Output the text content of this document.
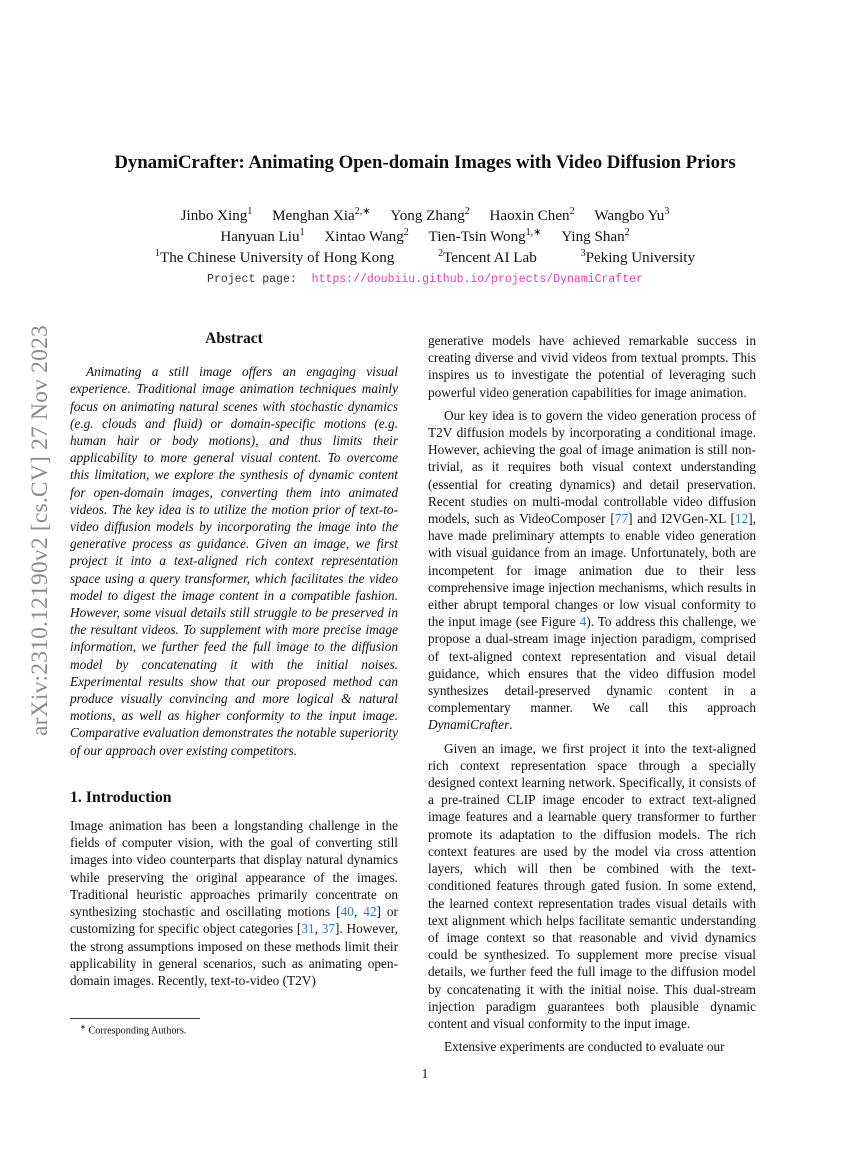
arXiv:2310.12190v2 [cs.CV] 27 Nov 2023
DynamiCrafter: Animating Open-domain Images with Video Diffusion Priors
Jinbo Xing$^1$ Menghan Xia$^{2,∗}$ Yong Zhang$^2$ Haoxin Chen$^2$ Wangbo Yu$^3$
Hanyuan Liu$^1$ Xintao Wang$^2$ Tien-Tsin Wong$^{1,∗}$ Ying Shan$^2$
$^1$The Chinese University of Hong Kong	$^2$Tencent AI Lab	$^3$Peking University
Project page: https://doubiiu.github.io/projects/DynamiCrafter
Abstract

Animating a still image offers an engaging visual experience. Traditional image animation techniques mainly focus on animating natural scenes with stochastic dynamics (e.g. clouds and fluid) or domain-specific motions (e.g. human hair or body motions), and thus limits their applicability to more general visual content. To overcome this limitation, we explore the synthesis of dynamic content for open-domain images, converting them into animated videos. The key idea is to utilize the motion prior of text-to-video diffusion models by incorporating the image into the generative process as guidance. Given an image, we first project it into a text-aligned rich context representation space using a query transformer, which facilitates the video model to digest the image content in a compatible fashion. However, some visual details still struggle to be preserved in the resultant videos. To supplement with more precise image information, we further feed the full image to the diffusion model by concatenating it with the initial noises. Experimental results show that our proposed method can produce visually convincing and more logical & natural motions, as well as higher conformity to the input image. Comparative evaluation demonstrates the notable superiority of our approach over existing competitors.

1. Introduction

Image animation has been a longstanding challenge in the fields of computer vision, with the goal of converting still images into video counterparts that display natural dynamics while preserving the original appearance of the images. Traditional heuristic approaches primarily concentrate on synthesizing stochastic and oscillating motions [40, 42] or customizing for specific object categories [31, 37]. However, the strong assumptions imposed on these methods limit their applicability in general scenarios, such as animating open-domain images. Recently, text-to-video (T2V)

generative models have achieved remarkable success in creating diverse and vivid videos from textual prompts. This inspires us to investigate the potential of leveraging such powerful video generation capabilities for image animation.

Our key idea is to govern the video generation process of T2V diffusion models by incorporating a conditional image. However, achieving the goal of image animation is still non-trivial, as it requires both visual context understanding (essential for creating dynamics) and detail preservation. Recent studies on multi-modal controllable video diffusion models, such as VideoComposer [77] and I2VGen-XL [12], have made preliminary attempts to enable video generation with visual guidance from an image. Unfortunately, both are incompetent for image animation due to their less comprehensive image injection mechanisms, which results in either abrupt temporal changes or low visual conformity to the input image (see Figure 4). To address this challenge, we propose a dual-stream image injection paradigm, comprised of text-aligned context representation and visual detail guidance, which ensures that the video diffusion model synthesizes detail-preserved dynamic content in a complementary manner. We call this approach DynamiCrafter.

Given an image, we first project it into the text-aligned rich context representation space through a specially designed context learning network. Specifically, it consists of a pre-trained CLIP image encoder to extract text-aligned image features and a learnable query transformer to further promote its adaptation to the diffusion models. The rich context features are used by the model via cross attention layers, which will then be combined with the text-conditioned features through gated fusion. In some extend, the learned context representation trades visual details with text alignment which helps facilitate semantic understanding of image context so that reasonable and vivid dynamics could be synthesized. To supplement more precise visual details, we further feed the full image to the diffusion model by concatenating it with the initial noise. This dual-stream injection paradigm guarantees both plausible dynamic content and visual conformity to the input image.

Extensive experiments are conducted to evaluate our

∗ Corresponding Authors.
1
